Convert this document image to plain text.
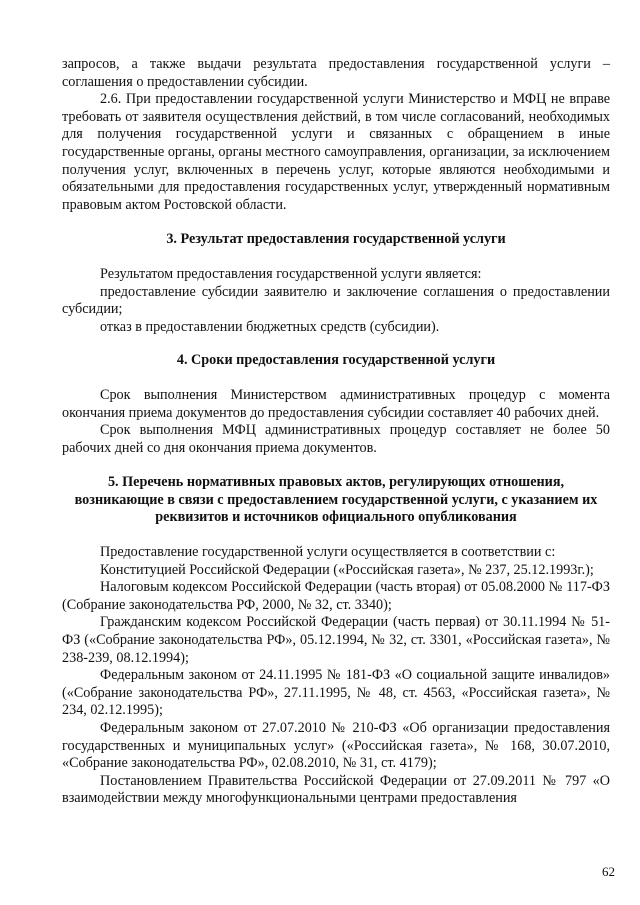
запросов, а также выдачи результата предоставления государственной услуги – соглашения о предоставлении субсидии.

2.6. При предоставлении государственной услуги Министерство и МФЦ не вправе требовать от заявителя осуществления действий, в том числе согласований, необходимых для получения государственной услуги и связанных с обращением в иные государственные органы, органы местного самоуправления, организации, за исключением получения услуг, включенных в перечень услуг, которые являются необходимыми и обязательными для предоставления государственных услуг, утвержденный нормативным правовым актом Ростовской области.

3. Результат предоставления государственной услуги

Результатом предоставления государственной услуги является:

предоставление субсидии заявителю и заключение соглашения о предоставлении субсидии;

отказ в предоставлении бюджетных средств (субсидии).

4. Сроки предоставления государственной услуги

Срок выполнения Министерством административных процедур с момента окончания приема документов до предоставления субсидии составляет 40 рабочих дней.

Срок выполнения МФЦ административных процедур составляет не более 50 рабочих дней со дня окончания приема документов.

5. Перечень нормативных правовых актов, регулирующих отношения, возникающие в связи с предоставлением государственной услуги, с указанием их реквизитов и источников официального опубликования

Предоставление государственной услуги осуществляется в соответствии с:

Конституцией Российской Федерации («Российская газета», № 237, 25.12.1993г.);

Налоговым кодексом Российской Федерации (часть вторая) от 05.08.2000 № 117-ФЗ (Собрание законодательства РФ, 2000, № 32, ст. 3340);

Гражданским кодексом Российской Федерации (часть первая) от 30.11.1994 № 51-ФЗ («Собрание законодательства РФ», 05.12.1994, № 32, ст. 3301, «Российская газета», № 238-239, 08.12.1994);

Федеральным законом от 24.11.1995 № 181-ФЗ «О социальной защите инвалидов» («Собрание законодательства РФ», 27.11.1995, № 48, ст. 4563, «Российская газета», № 234, 02.12.1995);

Федеральным законом от 27.07.2010 № 210-ФЗ «Об организации предоставления государственных и муниципальных услуг» («Российская газета», № 168, 30.07.2010, «Собрание законодательства РФ», 02.08.2010, № 31, ст. 4179);

Постановлением Правительства Российской Федерации от 27.09.2011 № 797 «О взаимодействии между многофункциональными центрами предоставления

62
